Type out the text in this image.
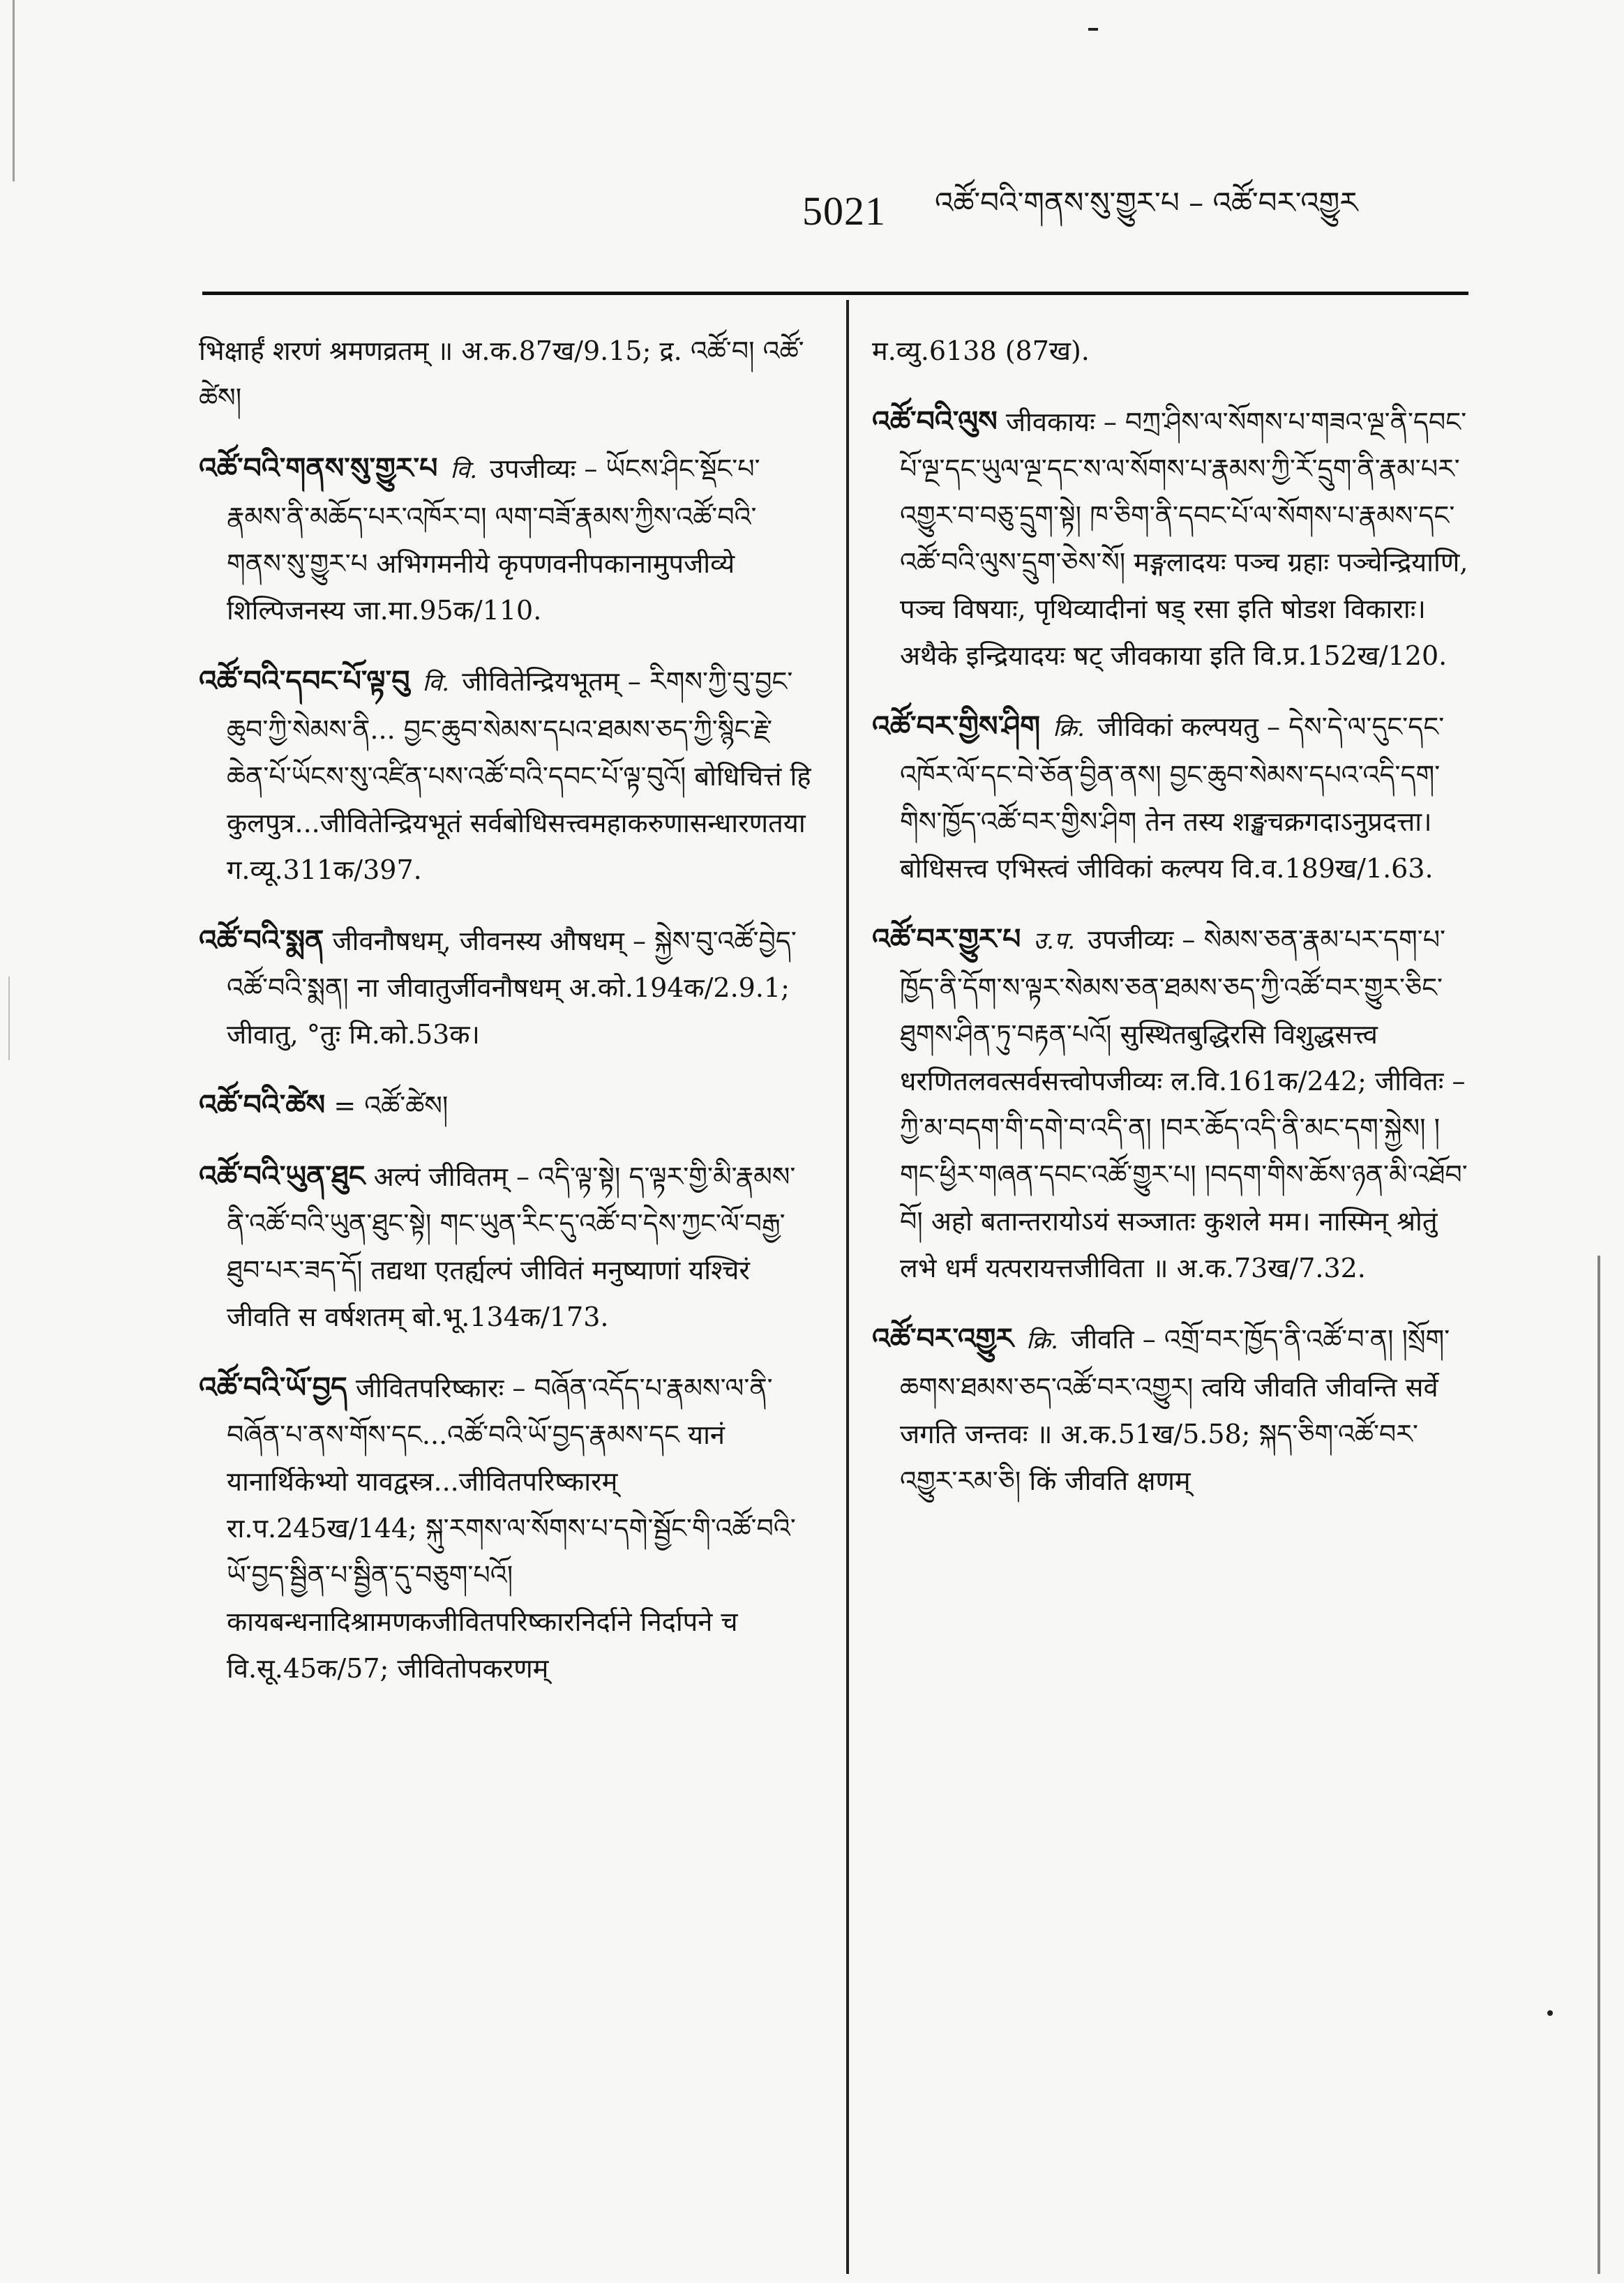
5021 འཚོ་བའི་གནས་སུ་གྱུར་པ – འཚོ་བར་འགྱུར
भिक्षार्हं शरणं श्रमणव्रतम् ॥ अ.क.87ख/9.15; द्र. འཚོ་བ། འཚོ་ཚེས།
འཚོ་བའི་གནས་སུ་གྱུར་པ वि. उपजीव्यः – ཡོངས་ཤིང་སྡོང་པ་རྣམས་ནི་མཆོད་པར་འཁོར་བ། ལག་བཟོ་རྣམས་ཀྱིས་འཚོ་བའི་གནས་སུ་གྱུར་པ अभिगमनीये कृपणवनीपकानामुपजीव्ये शिल्पिजनस्य जा.मा.95क/110.
འཚོ་བའི་དབང་པོ་ལྟ་བུ वि. जीवितेन्द्रियभूतम् – རིགས་ཀྱི་བུ་བྱང་ཆུབ་ཀྱི་སེམས་ནི... བྱང་ཆུབ་སེམས་དཔའ་ཐམས་ཅད་ཀྱི་སྙིང་རྗེ་ཆེན་པོ་ཡོངས་སུ་འཛིན་པས་འཚོ་བའི་དབང་པོ་ལྟ་བུའོ། बोधिचित्तं हि कुलपुत्र...जीवितेन्द्रियभूतं सर्वबोधिसत्त्वमहाकरुणासन्धारणतया ग.व्यू.311क/397.
འཚོ་བའི་སྨན जीवनौषधम्, जीवनस्य औषधम् – སྐྱེས་བུ་འཚོ་བྱེད་འཚོ་བའི་སྨན། ना जीवातुर्जीवनौषधम् अ.को.194क/2.9.1; जीवातु, °तुः मि.को.53क।
འཚོ་བའི་ཚེས = འཚོ་ཚེས།
འཚོ་བའི་ཡུན་ཐུང अल्पं जीवितम् – འདི་ལྟ་སྟེ། ད་ལྟར་གྱི་མི་རྣམས་ནི་འཚོ་བའི་ཡུན་ཐུང་སྟེ། གང་ཡུན་རིང་དུ་འཚོ་བ་དེས་ཀྱང་ལོ་བརྒྱ་ཐུབ་པར་ཟད་དོ། तद्यथा एतर्ह्यल्पं जीवितं मनुष्याणां यश्चिरं जीवति स वर्षशतम् बो.भू.134क/173.
འཚོ་བའི་ཡོ་བྱད जीवितपरिष्कारः – བཞོན་འདོད་པ་རྣམས་ལ་ནི་བཞོན་པ་ནས་གོས་དང...འཚོ་བའི་ཡོ་བྱད་རྣམས་དང यानं यानार्थिकेभ्यो यावद्वस्त्र...जीवितपरिष्कारम् रा.प.245ख/144; སྐུ་རགས་ལ་སོགས་པ་དགེ་སྦྱོང་གི་འཚོ་བའི་ཡོ་བྱད་སྦྱིན་པ་སྦྱིན་དུ་བཅུག་པའོ། कायबन्धनादिश्रामणकजीवितपरिष्कारनिर्दाने निर्दापने च वि.सू.45क/57; जीवितोपकरणम्
म.व्यु.6138 (87ख).
འཚོ་བའི་ལུས जीवकायः – བཀྲ་ཤིས་ལ་སོགས་པ་གཟའ་ལྔ་ནི་དབང་པོ་ལྔ་དང་ཡུལ་ལྔ་དང་ས་ལ་སོགས་པ་རྣམས་ཀྱི་རོ་དྲུག་ནི་རྣམ་པར་འགྱུར་བ་བཅུ་དྲུག་སྟེ། ཁ་ཅིག་ནི་དབང་པོ་ལ་སོགས་པ་རྣམས་དང་འཚོ་བའི་ལུས་དྲུག་ཅེས་སོ། मङ्गलादयः पञ्च ग्रहाः पञ्चेन्द्रियाणि, पञ्च विषयाः, पृथिव्यादीनां षड् रसा इति षोडश विकाराः। अथैके इन्द्रियादयः षट् जीवकाया इति वि.प्र.152ख/120.
འཚོ་བར་གྱིས་ཤིག क्रि. जीविकां कल्पयतु – དེས་དེ་ལ་དུང་དང་འཁོར་ལོ་དང་བེ་ཅོན་བྱིན་ནས། བྱང་ཆུབ་སེམས་དཔའ་འདི་དག་གིས་ཁྱོད་འཚོ་བར་གྱིས་ཤིག तेन तस्य शङ्खचक्रगदाऽनुप्रदत्ता। बोधिसत्त्व एभिस्त्वं जीविकां कल्पय वि.व.189ख/1.63.
འཚོ་བར་གྱུར་པ उ.प. उपजीव्यः – སེམས་ཅན་རྣམ་པར་དག་པ་ཁྱོད་ནི་དོག་ས་ལྟར་སེམས་ཅན་ཐམས་ཅད་ཀྱི་འཚོ་བར་གྱུར་ཅིང་ཐུགས་ཤིན་ཏུ་བརྟན་པའོ། सुस्थितबुद्धिरसि विशुद्धसत्त्व धरणितलवत्सर्वसत्त्वोपजीव्यः ल.वि.161क/242; जीवितः – ཀྱི་མ་བདག་གི་དགེ་བ་འདི་ན། །བར་ཆོད་འདི་ནི་མང་དག་སྐྱེས། །གང་ཕྱིར་གཞན་དབང་འཚོ་གྱུར་པ། །བདག་གིས་ཆོས་ཉན་མི་འཐོབ་བོ། अहो बतान्तरायोऽयं सञ्जातः कुशले मम। नास्मिन् श्रोतुं लभे धर्मं यत्परायत्तजीविता ॥ अ.क.73ख/7.32.
འཚོ་བར་འགྱུར क्रि. जीवति – འགྲོ་བར་ཁྱོད་ནི་འཚོ་བ་ན། །སྲོག་ཆགས་ཐམས་ཅད་འཚོ་བར་འགྱུར། त्वयि जीवति जीवन्ति सर्वे जगति जन्तवः ॥ अ.क.51ख/5.58; སྐད་ཅིག་འཚོ་བར་འགྱུར་རམ་ཅི། किं जीवति क्षणम्
